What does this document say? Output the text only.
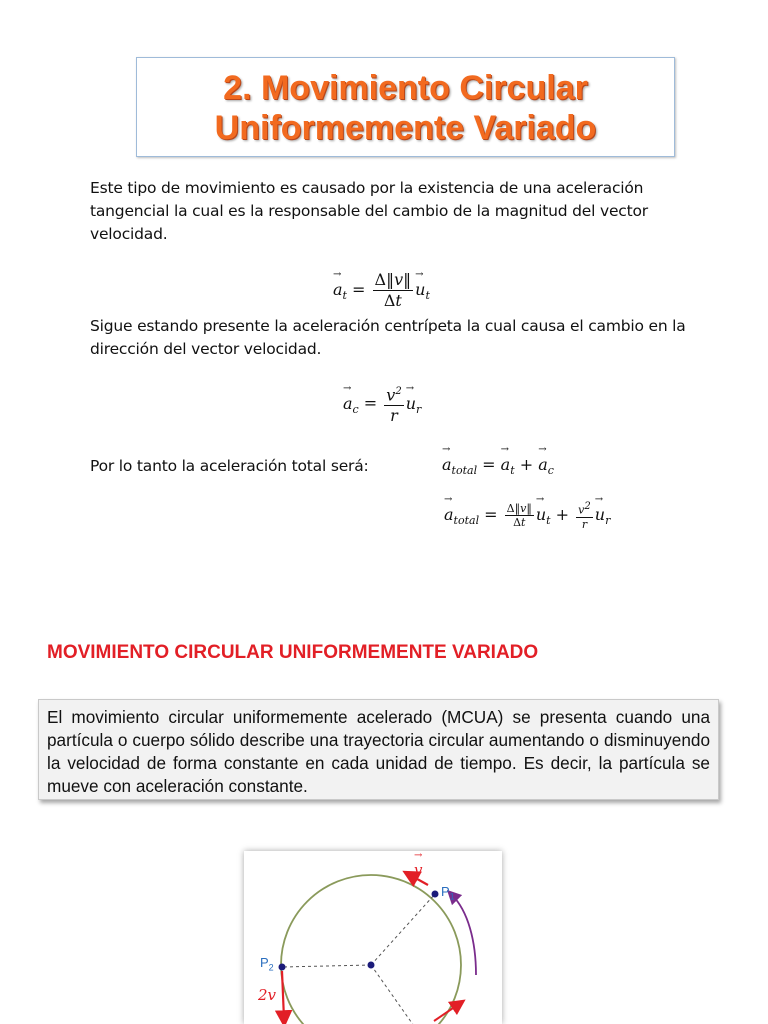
2. Movimiento Circular
Uniformemente Variado
Este tipo de movimiento es causado por la existencia de una aceleración tangencial la cual es la responsable del cambio de la magnitud del vector velocidad.
→ $a_t = \frac{\Delta‖v‖}{\Delta t}$
→ $u_t$
Sigue estando presente la aceleración centrípeta la cual causa el cambio en la dirección del vector velocidad.
→ $a_c = \frac{v^2}{r}$
→ $u_r$
Por lo tanto la aceleración total será:
→	$a_{total}$ = → $a_t$ + → $a_c$
→ $a_{total} = \frac{\Delta‖v‖}{\Delta t}$
→ $u_t + \frac{v^2}{r}$
→ $u_r$
MOVIMIENTO CIRCULAR UNIFORMEMENTE VARIADO
El movimiento circular uniformemente acelerado (MCUA) se presenta cuando una partícula o cuerpo sólido describe una trayectoria circular aumentando o disminuyendo la velocidad de forma constante en cada unidad de tiempo. Es decir, la partícula se mueve con aceleración constante.
→ v
$P_1$
$P_2$
2v
